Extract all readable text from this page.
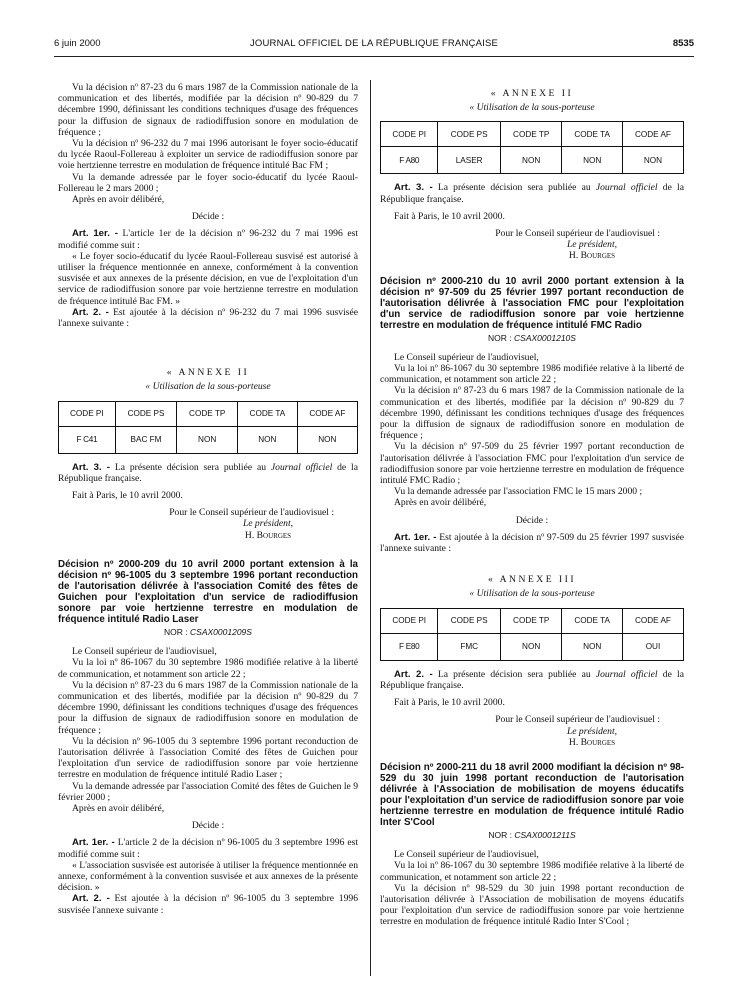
6 juin 2000	JOURNAL OFFICIEL DE LA RÉPUBLIQUE FRANÇAISE	8535

Vu la décision nº 87-23 du 6 mars 1987 de la Commission nationale de la communication et des libertés, modifiée par la décision nº 90-829 du 7 décembre 1990, définissant les conditions techniques d'usage des fréquences pour la diffusion de signaux de radiodiffusion sonore en modulation de fréquence ;

Vu la décision nº 96-232 du 7 mai 1996 autorisant le foyer socio-éducatif du lycée Raoul-Follereau à exploiter un service de radiodiffusion sonore par voie hertzienne terrestre en modulation de fréquence intitulé Bac FM ;

Vu la demande adressée par le foyer socio-éducatif du lycée Raoul-Follereau le 2 mars 2000 ;

Après en avoir délibéré,

Décide :

Art. 1er. - L'article 1er de la décision nº 96-232 du 7 mai 1996 est modifié comme suit :

« Le foyer socio-éducatif du lycée Raoul-Follereau susvisé est autorisé à utiliser la fréquence mentionnée en annexe, conformément à la convention susvisée et aux annexes de la présente décision, en vue de l'exploitation d'un service de radiodiffusion sonore par voie hertzienne terrestre en modulation de fréquence intitulé Bac FM. »

Art. 2. - Est ajoutée à la décision nº 96-232 du 7 mai 1996 susvisée l'annexe suivante :

« ANNEXE II

« Utilisation de la sous-porteuse

CODE PI	CODE PS	CODE TP	CODE TA	CODE AF
F C41	BAC FM	NON	NON	NON

Art. 3. - La présente décision sera publiée au Journal officiel de la République française.

Fait à Paris, le 10 avril 2000.

Pour le Conseil supérieur de l'audiovisuel :

Le président,

H. Bourges

Décision nº 2000-209 du 10 avril 2000 portant extension à la décision nº 96-1005 du 3 septembre 1996 portant reconduction de l'autorisation délivrée à l'association Comité des fêtes de Guichen pour l'exploitation d'un service de radiodiffusion sonore par voie hertzienne terrestre en modulation de fréquence intitulé Radio Laser

NOR : CSAX0001209S

Le Conseil supérieur de l'audiovisuel,

Vu la loi nº 86-1067 du 30 septembre 1986 modifiée relative à la liberté de communication, et notamment son article 22 ;

Vu la décision nº 87-23 du 6 mars 1987 de la Commission nationale de la communication et des libertés, modifiée par la décision nº 90-829 du 7 décembre 1990, définissant les conditions techniques d'usage des fréquences pour la diffusion de signaux de radiodiffusion sonore en modulation de fréquence ;

Vu la décision nº 96-1005 du 3 septembre 1996 portant reconduction de l'autorisation délivrée à l'association Comité des fêtes de Guichen pour l'exploitation d'un service de radiodiffusion sonore par voie hertzienne terrestre en modulation de fréquence intitulé Radio Laser ;

Vu la demande adressée par l'association Comité des fêtes de Guichen le 9 février 2000 ;

Après en avoir délibéré,

Décide :

Art. 1er. - L'article 2 de la décision nº 96-1005 du 3 septembre 1996 est modifié comme suit :

« L'association susvisée est autorisée à utiliser la fréquence mentionnée en annexe, conformément à la convention susvisée et aux annexes de la présente décision. »

Art. 2. - Est ajoutée à la décision nº 96-1005 du 3 septembre 1996 susvisée l'annexe suivante :

« ANNEXE II

« Utilisation de la sous-porteuse

CODE PI	CODE PS	CODE TP	CODE TA	CODE AF
F A80	LASER	NON	NON	NON

Art. 3. - La présente décision sera publiée au Journal officiel de la République française.

Fait à Paris, le 10 avril 2000.

Pour le Conseil supérieur de l'audiovisuel :

Le président,

H. Bourges

Décision nº 2000-210 du 10 avril 2000 portant extension à la décision nº 97-509 du 25 février 1997 portant reconduction de l'autorisation délivrée à l'association FMC pour l'exploitation d'un service de radiodiffusion sonore par voie hertzienne terrestre en modulation de fréquence intitulé FMC Radio

NOR : CSAX0001210S

Le Conseil supérieur de l'audiovisuel,

Vu la loi nº 86-1067 du 30 septembre 1986 modifiée relative à la liberté de communication, et notamment son article 22 ;

Vu la décision nº 87-23 du 6 mars 1987 de la Commission nationale de la communication et des libertés, modifiée par la décision nº 90-829 du 7 décembre 1990, définissant les conditions techniques d'usage des fréquences pour la diffusion de signaux de radiodiffusion sonore en modulation de fréquence ;

Vu la décision nº 97-509 du 25 février 1997 portant reconduction de l'autorisation délivrée à l'association FMC pour l'exploitation d'un service de radiodiffusion sonore par voie hertzienne terrestre en modulation de fréquence intitulé FMC Radio ;

Vu la demande adressée par l'association FMC le 15 mars 2000 ;

Après en avoir délibéré,

Décide :

Art. 1er. - Est ajoutée à la décision nº 97-509 du 25 février 1997 susvisée l'annexe suivante :

« ANNEXE III

« Utilisation de la sous-porteuse

CODE PI	CODE PS	CODE TP	CODE TA	CODE AF
F E80	FMC	NON	NON	OUI

Art. 2. - La présente décision sera publiée au Journal officiel de la République française.

Fait à Paris, le 10 avril 2000.

Pour le Conseil supérieur de l'audiovisuel :

Le président,

H. Bourges

Décision nº 2000-211 du 18 avril 2000 modifiant la décision nº 98-529 du 30 juin 1998 portant reconduction de l'autorisation délivrée à l'Association de mobilisation de moyens éducatifs pour l'exploitation d'un service de radiodiffusion sonore par voie hertzienne terrestre en modulation de fréquence intitulé Radio Inter S'Cool

NOR : CSAX0001211S

Le Conseil supérieur de l'audiovisuel,

Vu la loi nº 86-1067 du 30 septembre 1986 modifiée relative à la liberté de communication, et notamment son article 22 ;

Vu la décision nº 98-529 du 30 juin 1998 portant reconduction de l'autorisation délivrée à l'Association de mobilisation de moyens éducatifs pour l'exploitation d'un service de radiodiffusion sonore par voie hertzienne terrestre en modulation de fréquence intitulé Radio Inter S'Cool ;
